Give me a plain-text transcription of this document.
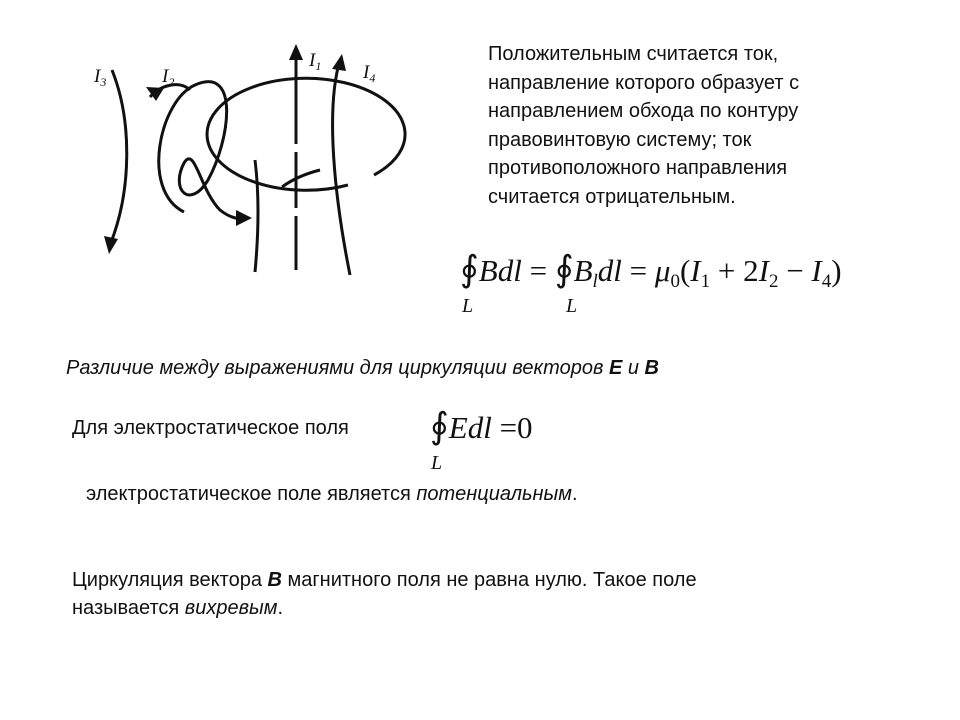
$I_1$ $I_4$
$I_3$	$I_2$
Положительным считается ток,
направление которого образует с
направлением обхода по контуру
правовинтовую систему; ток
противоположного направления
считается отрицательным.
∮Bdl = $∮B_ldl = \mu_0(I_1 + 2I_2 - I_4)$
L	L
Различие между выражениями для циркуляции векторов E и B
Для электростатическое поля ∮Edl =0
L
электростатическое поле является потенциальным.
Циркуляция вектора B магнитного поля не равна нулю. Такое поле
называется вихревым.
